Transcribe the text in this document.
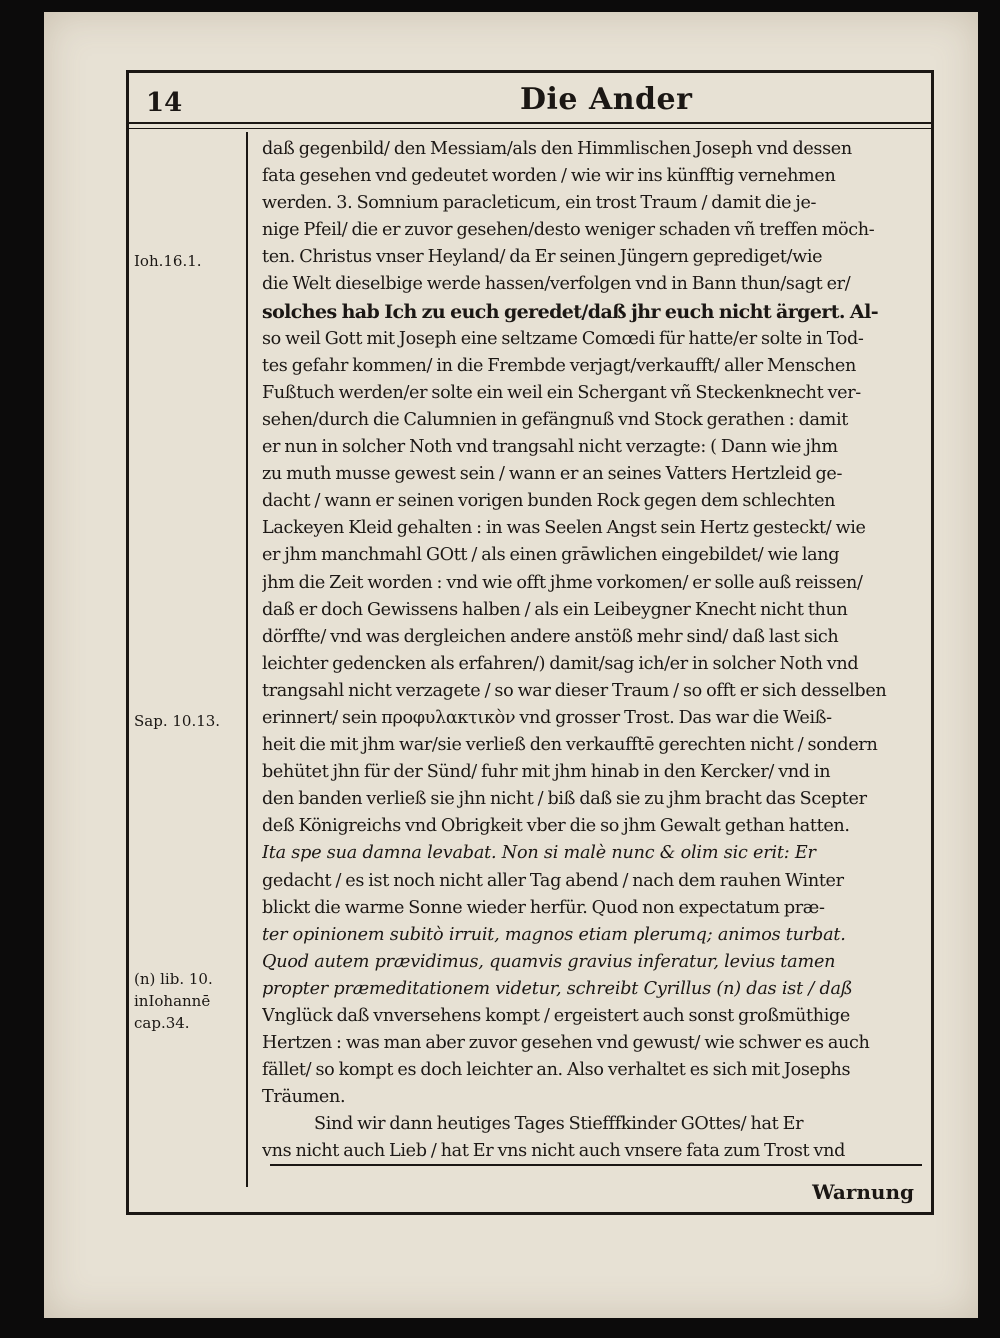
14	Die Ander
Ioh.16.1.
Sap. 10.13.
(n) lib. 10. inIohannē cap.34.
daß gegenbild/ den Messiam/als den Himmlischen Joseph vnd dessen
fata gesehen vnd gedeutet worden / wie wir ins künfftig vernehmen
werden. 3. Somnium paracleticum, ein trost Traum / damit die je-
nige Pfeil/ die er zuvor gesehen/desto weniger schaden vñ treffen möch-
ten. Christus vnser Heyland/ da Er seinen Jüngern geprediget/wie
die Welt dieselbige werde hassen/verfolgen vnd in Bann thun/sagt er/
solches hab Ich zu euch geredet/daß jhr euch nicht ärgert. Al-
so weil Gott mit Joseph eine seltzame Comœdi für hatte/er solte in Tod-
tes gefahr kommen/ in die Frembde verjagt/verkaufft/ aller Menschen
Fußtuch werden/er solte ein weil ein Schergant vñ Steckenknecht ver-
sehen/durch die Calumnien in gefängnuß vnd Stock gerathen : damit
er nun in solcher Noth vnd trangsahl nicht verzagte: ( Dann wie jhm
zu muth musse gewest sein / wann er an seines Vatters Hertzleid ge-
dacht / wann er seinen vorigen bunden Rock gegen dem schlechten
Lackeyen Kleid gehalten : in was Seelen Angst sein Hertz gesteckt/ wie
er jhm manchmahl GOtt / als einen grāwlichen eingebildet/ wie lang
jhm die Zeit worden : vnd wie offt jhme vorkomen/ er solle auß reissen/
daß er doch Gewissens halben / als ein Leibeygner Knecht nicht thun
dörffte/ vnd was dergleichen andere anstöß mehr sind/ daß last sich
leichter gedencken als erfahren/) damit/sag ich/er in solcher Noth vnd
trangsahl nicht verzagete / so war dieser Traum / so offt er sich desselben
erinnert/ sein προφυλακτικὸν vnd grosser Trost. Das war die Weiß-
heit die mit jhm war/sie verließ den verkaufftē gerechten nicht / sondern
behütet jhn für der Sünd/ fuhr mit jhm hinab in den Kercker/ vnd in
den banden verließ sie jhn nicht / biß daß sie zu jhm bracht das Scepter
deß Königreichs vnd Obrigkeit vber die so jhm Gewalt gethan hatten.
Ita spe sua damna levabat. Non si malè nunc & olim sic erit: Er
gedacht / es ist noch nicht aller Tag abend / nach dem rauhen Winter
blickt die warme Sonne wieder herfür. Quod non expectatum præ-
ter opinionem subitò irruit, magnos etiam plerumq; animos turbat.
Quod autem prævidimus, quamvis gravius inferatur, levius tamen
propter præmeditationem videtur, schreibt Cyrillus (n) das ist / daß
Vnglück daß vnversehens kompt / ergeistert auch sonst großmüthige
Hertzen : was man aber zuvor gesehen vnd gewust/ wie schwer es auch
fället/ so kompt es doch leichter an. Also verhaltet es sich mit Josephs
Träumen.
Sind wir dann heutiges Tages Stiefffkinder GOttes/ hat Er
vns nicht auch Lieb / hat Er vns nicht auch vnsere fata zum Trost vnd
Warnung
